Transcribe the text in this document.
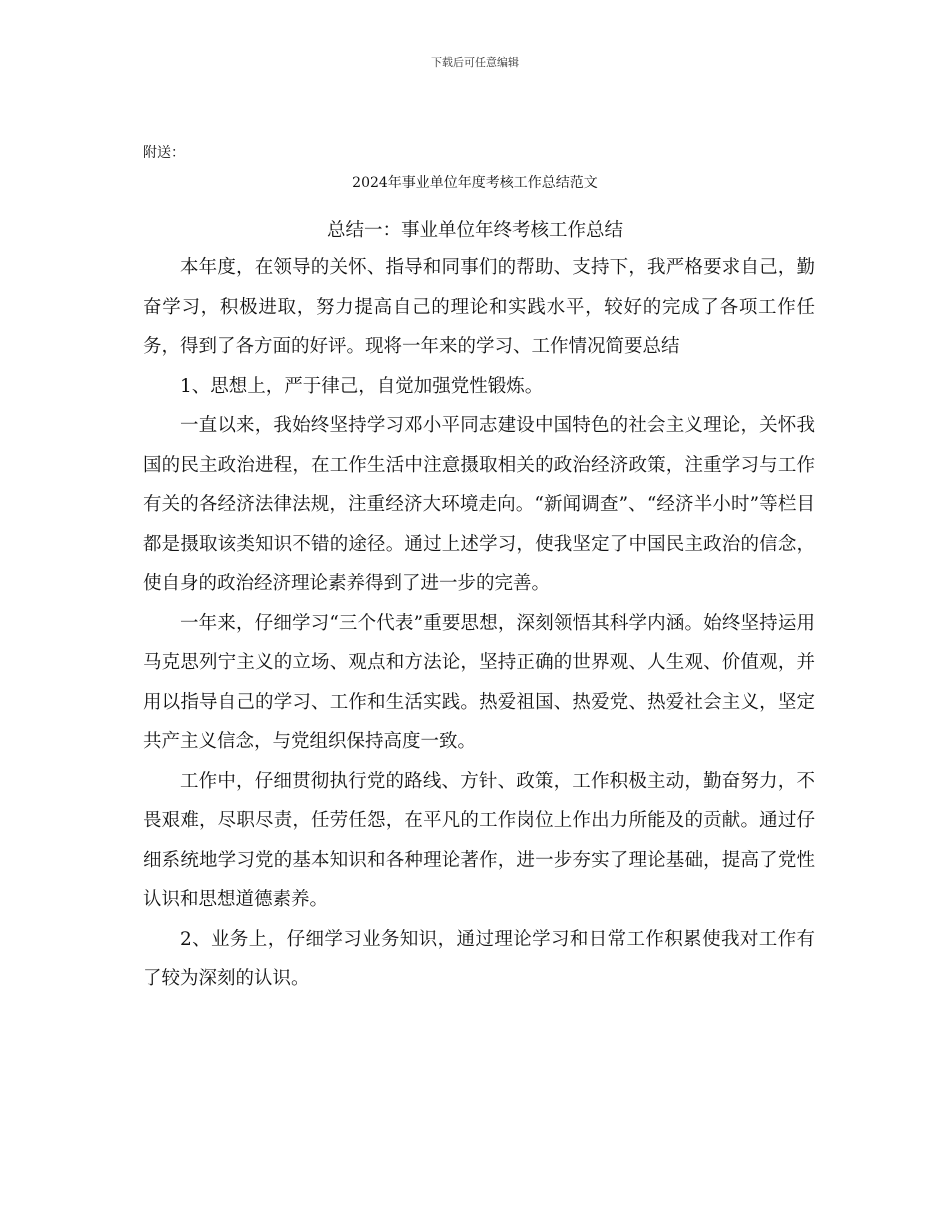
下载后可任意编辑
附送：
2024年事业单位年度考核工作总结范文
总结一：事业单位年终考核工作总结

本年度，在领导的关怀、指导和同事们的帮助、支持下，我严格要求自己，勤奋学习，积极进取，努力提高自己的理论和实践水平，较好的完成了各项工作任务，得到了各方面的好评。现将一年来的学习、工作情况简要总结

1、思想上，严于律己，自觉加强党性锻炼。

一直以来，我始终坚持学习邓小平同志建设中国特色的社会主义理论，关怀我国的民主政治进程，在工作生活中注意摄取相关的政治经济政策，注重学习与工作有关的各经济法律法规，注重经济大环境走向。“新闻调查”、“经济半小时”等栏目都是摄取该类知识不错的途径。通过上述学习，使我坚定了中国民主政治的信念，使自身的政治经济理论素养得到了进一步的完善。

一年来，仔细学习“三个代表”重要思想，深刻领悟其科学内涵。始终坚持运用马克思列宁主义的立场、观点和方法论，坚持正确的世界观、人生观、价值观，并用以指导自己的学习、工作和生活实践。热爱祖国、热爱党、热爱社会主义，坚定共产主义信念，与党组织保持高度一致。

工作中，仔细贯彻执行党的路线、方针、政策，工作积极主动，勤奋努力，不畏艰难，尽职尽责，任劳任怨，在平凡的工作岗位上作出力所能及的贡献。通过仔细系统地学习党的基本知识和各种理论著作，进一步夯实了理论基础，提高了党性认识和思想道德素养。

2、业务上，仔细学习业务知识，通过理论学习和日常工作积累使我对工作有了较为深刻的认识。
